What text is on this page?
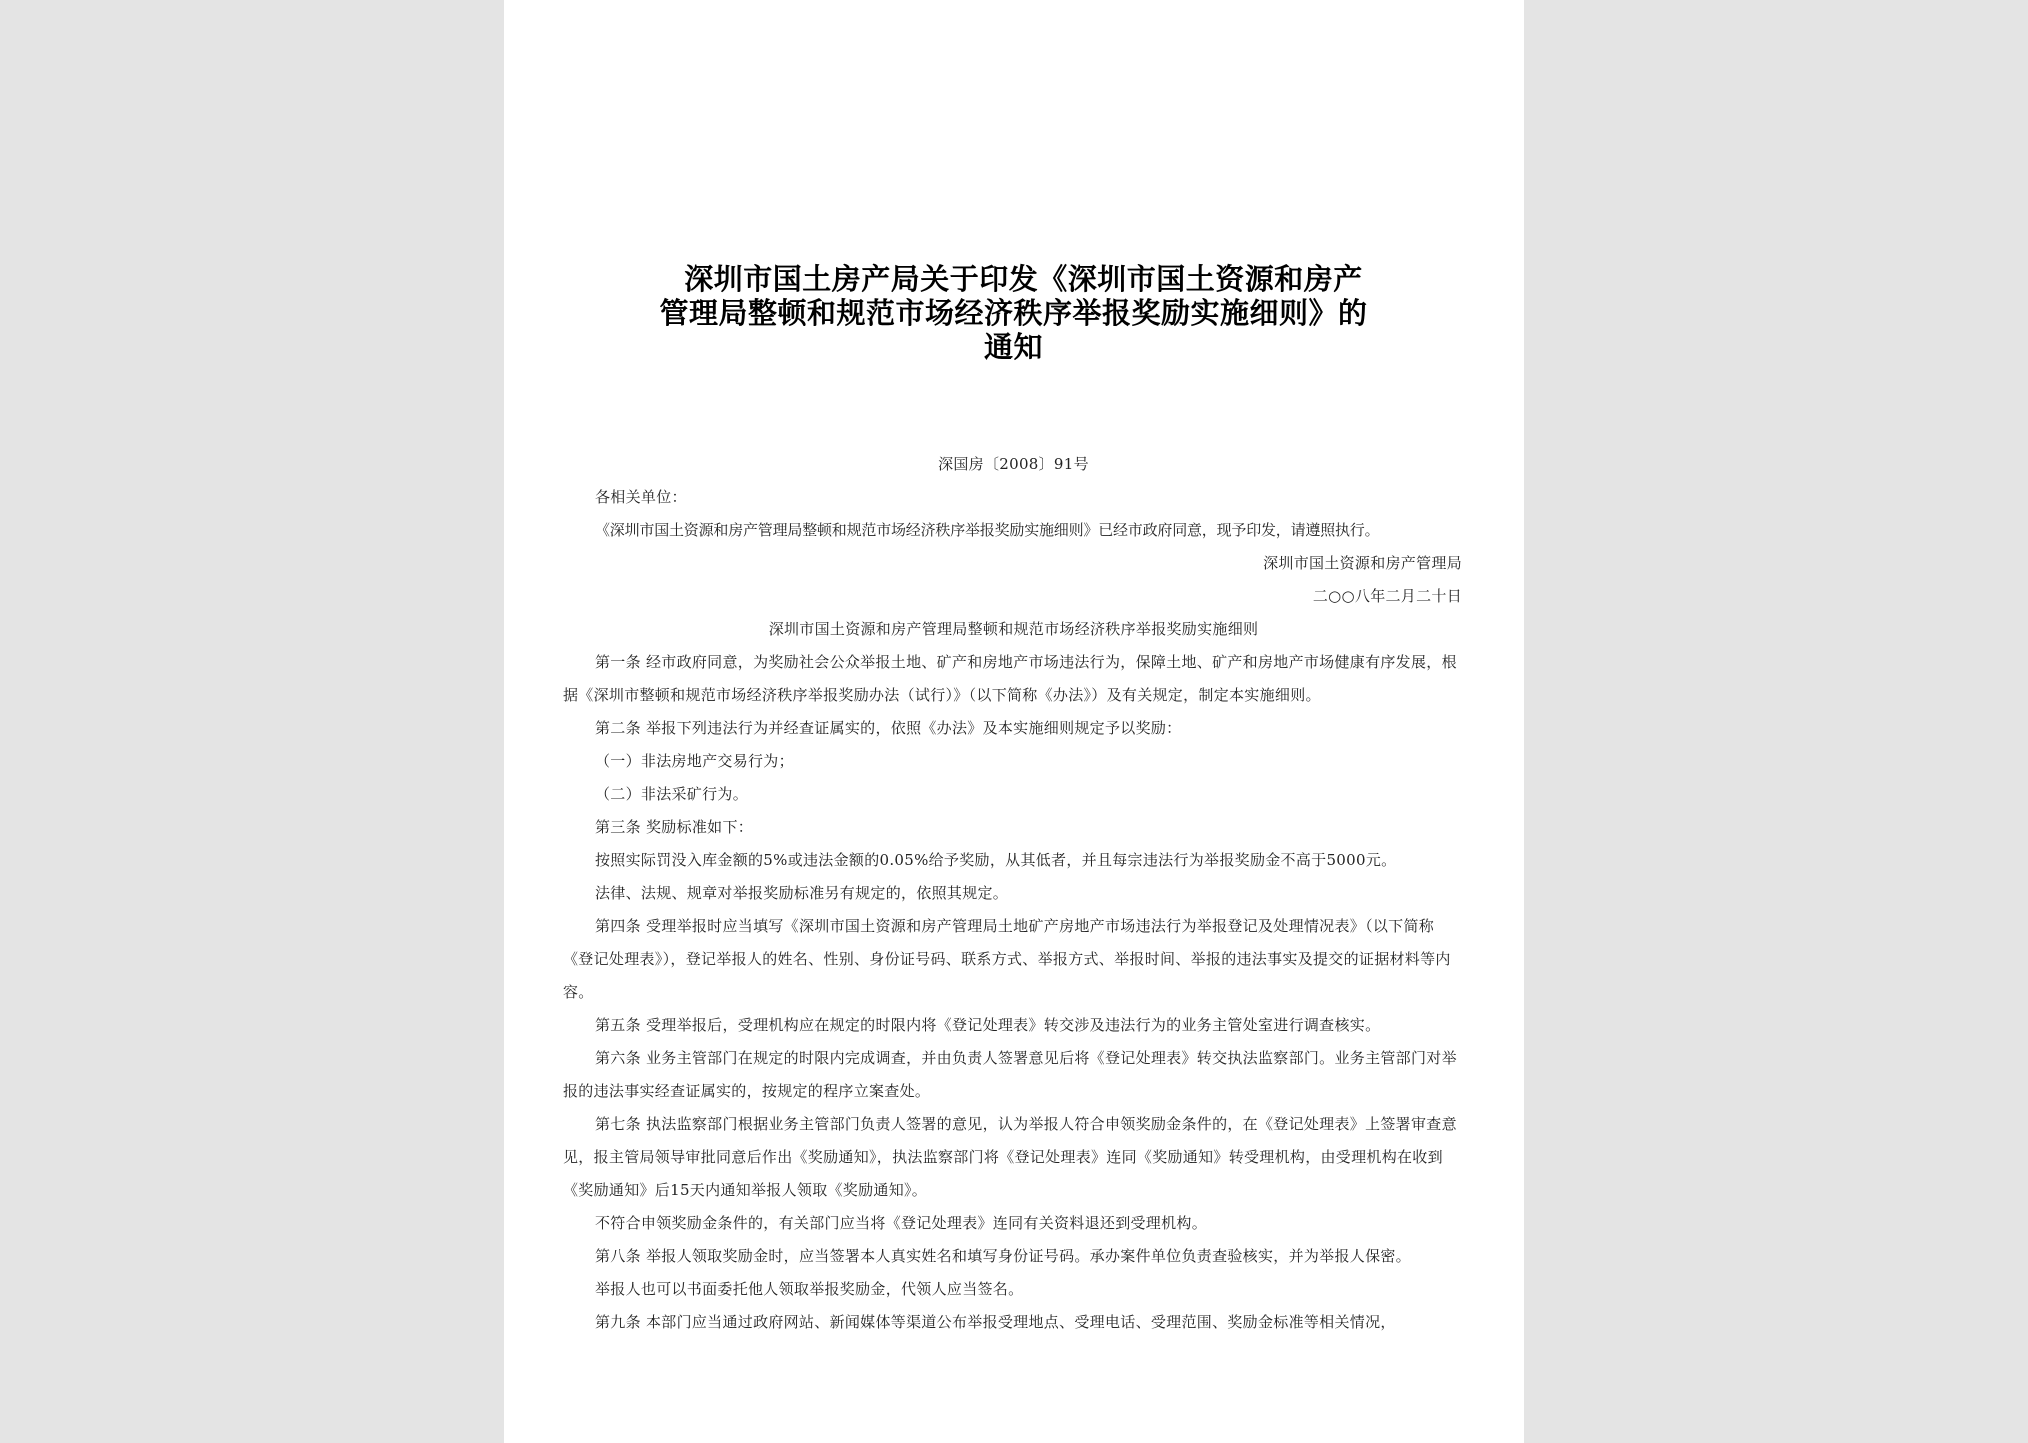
深圳市国土房产局关于印发《深圳市国土资源和房产
管理局整顿和规范市场经济秩序举报奖励实施细则》的
通知

深国房〔2008〕91号

各相关单位：

《深圳市国土资源和房产管理局整顿和规范市场经济秩序举报奖励实施细则》已经市政府同意，现予印发，请遵照执行。

深圳市国土资源和房产管理局

二○○八年二月二十日

深圳市国土资源和房产管理局整顿和规范市场经济秩序举报奖励实施细则

第一条 经市政府同意，为奖励社会公众举报土地、矿产和房地产市场违法行为，保障土地、矿产和房地产市场健康有序发展，根据《深圳市整顿和规范市场经济秩序举报奖励办法（试行）》（以下简称《办法》）及有关规定，制定本实施细则。

第二条 举报下列违法行为并经查证属实的，依照《办法》及本实施细则规定予以奖励：

（一）非法房地产交易行为；

（二）非法采矿行为。

第三条 奖励标准如下：

按照实际罚没入库金额的5%或违法金额的0.05%给予奖励，从其低者，并且每宗违法行为举报奖励金不高于5000元。

法律、法规、规章对举报奖励标准另有规定的，依照其规定。

第四条 受理举报时应当填写《深圳市国土资源和房产管理局土地矿产房地产市场违法行为举报登记及处理情况表》（以下简称《登记处理表》），登记举报人的姓名、性别、身份证号码、联系方式、举报方式、举报时间、举报的违法事实及提交的证据材料等内容。

第五条 受理举报后，受理机构应在规定的时限内将《登记处理表》转交涉及违法行为的业务主管处室进行调查核实。

第六条 业务主管部门在规定的时限内完成调查，并由负责人签署意见后将《登记处理表》转交执法监察部门。业务主管部门对举报的违法事实经查证属实的，按规定的程序立案查处。

第七条 执法监察部门根据业务主管部门负责人签署的意见，认为举报人符合申领奖励金条件的，在《登记处理表》上签署审查意见，报主管局领导审批同意后作出《奖励通知》，执法监察部门将《登记处理表》连同《奖励通知》转受理机构，由受理机构在收到《奖励通知》后15天内通知举报人领取《奖励通知》。

不符合申领奖励金条件的，有关部门应当将《登记处理表》连同有关资料退还到受理机构。

第八条 举报人领取奖励金时，应当签署本人真实姓名和填写身份证号码。承办案件单位负责查验核实，并为举报人保密。

举报人也可以书面委托他人领取举报奖励金，代领人应当签名。

第九条 本部门应当通过政府网站、新闻媒体等渠道公布举报受理地点、受理电话、受理范围、奖励金标准等相关情况，
